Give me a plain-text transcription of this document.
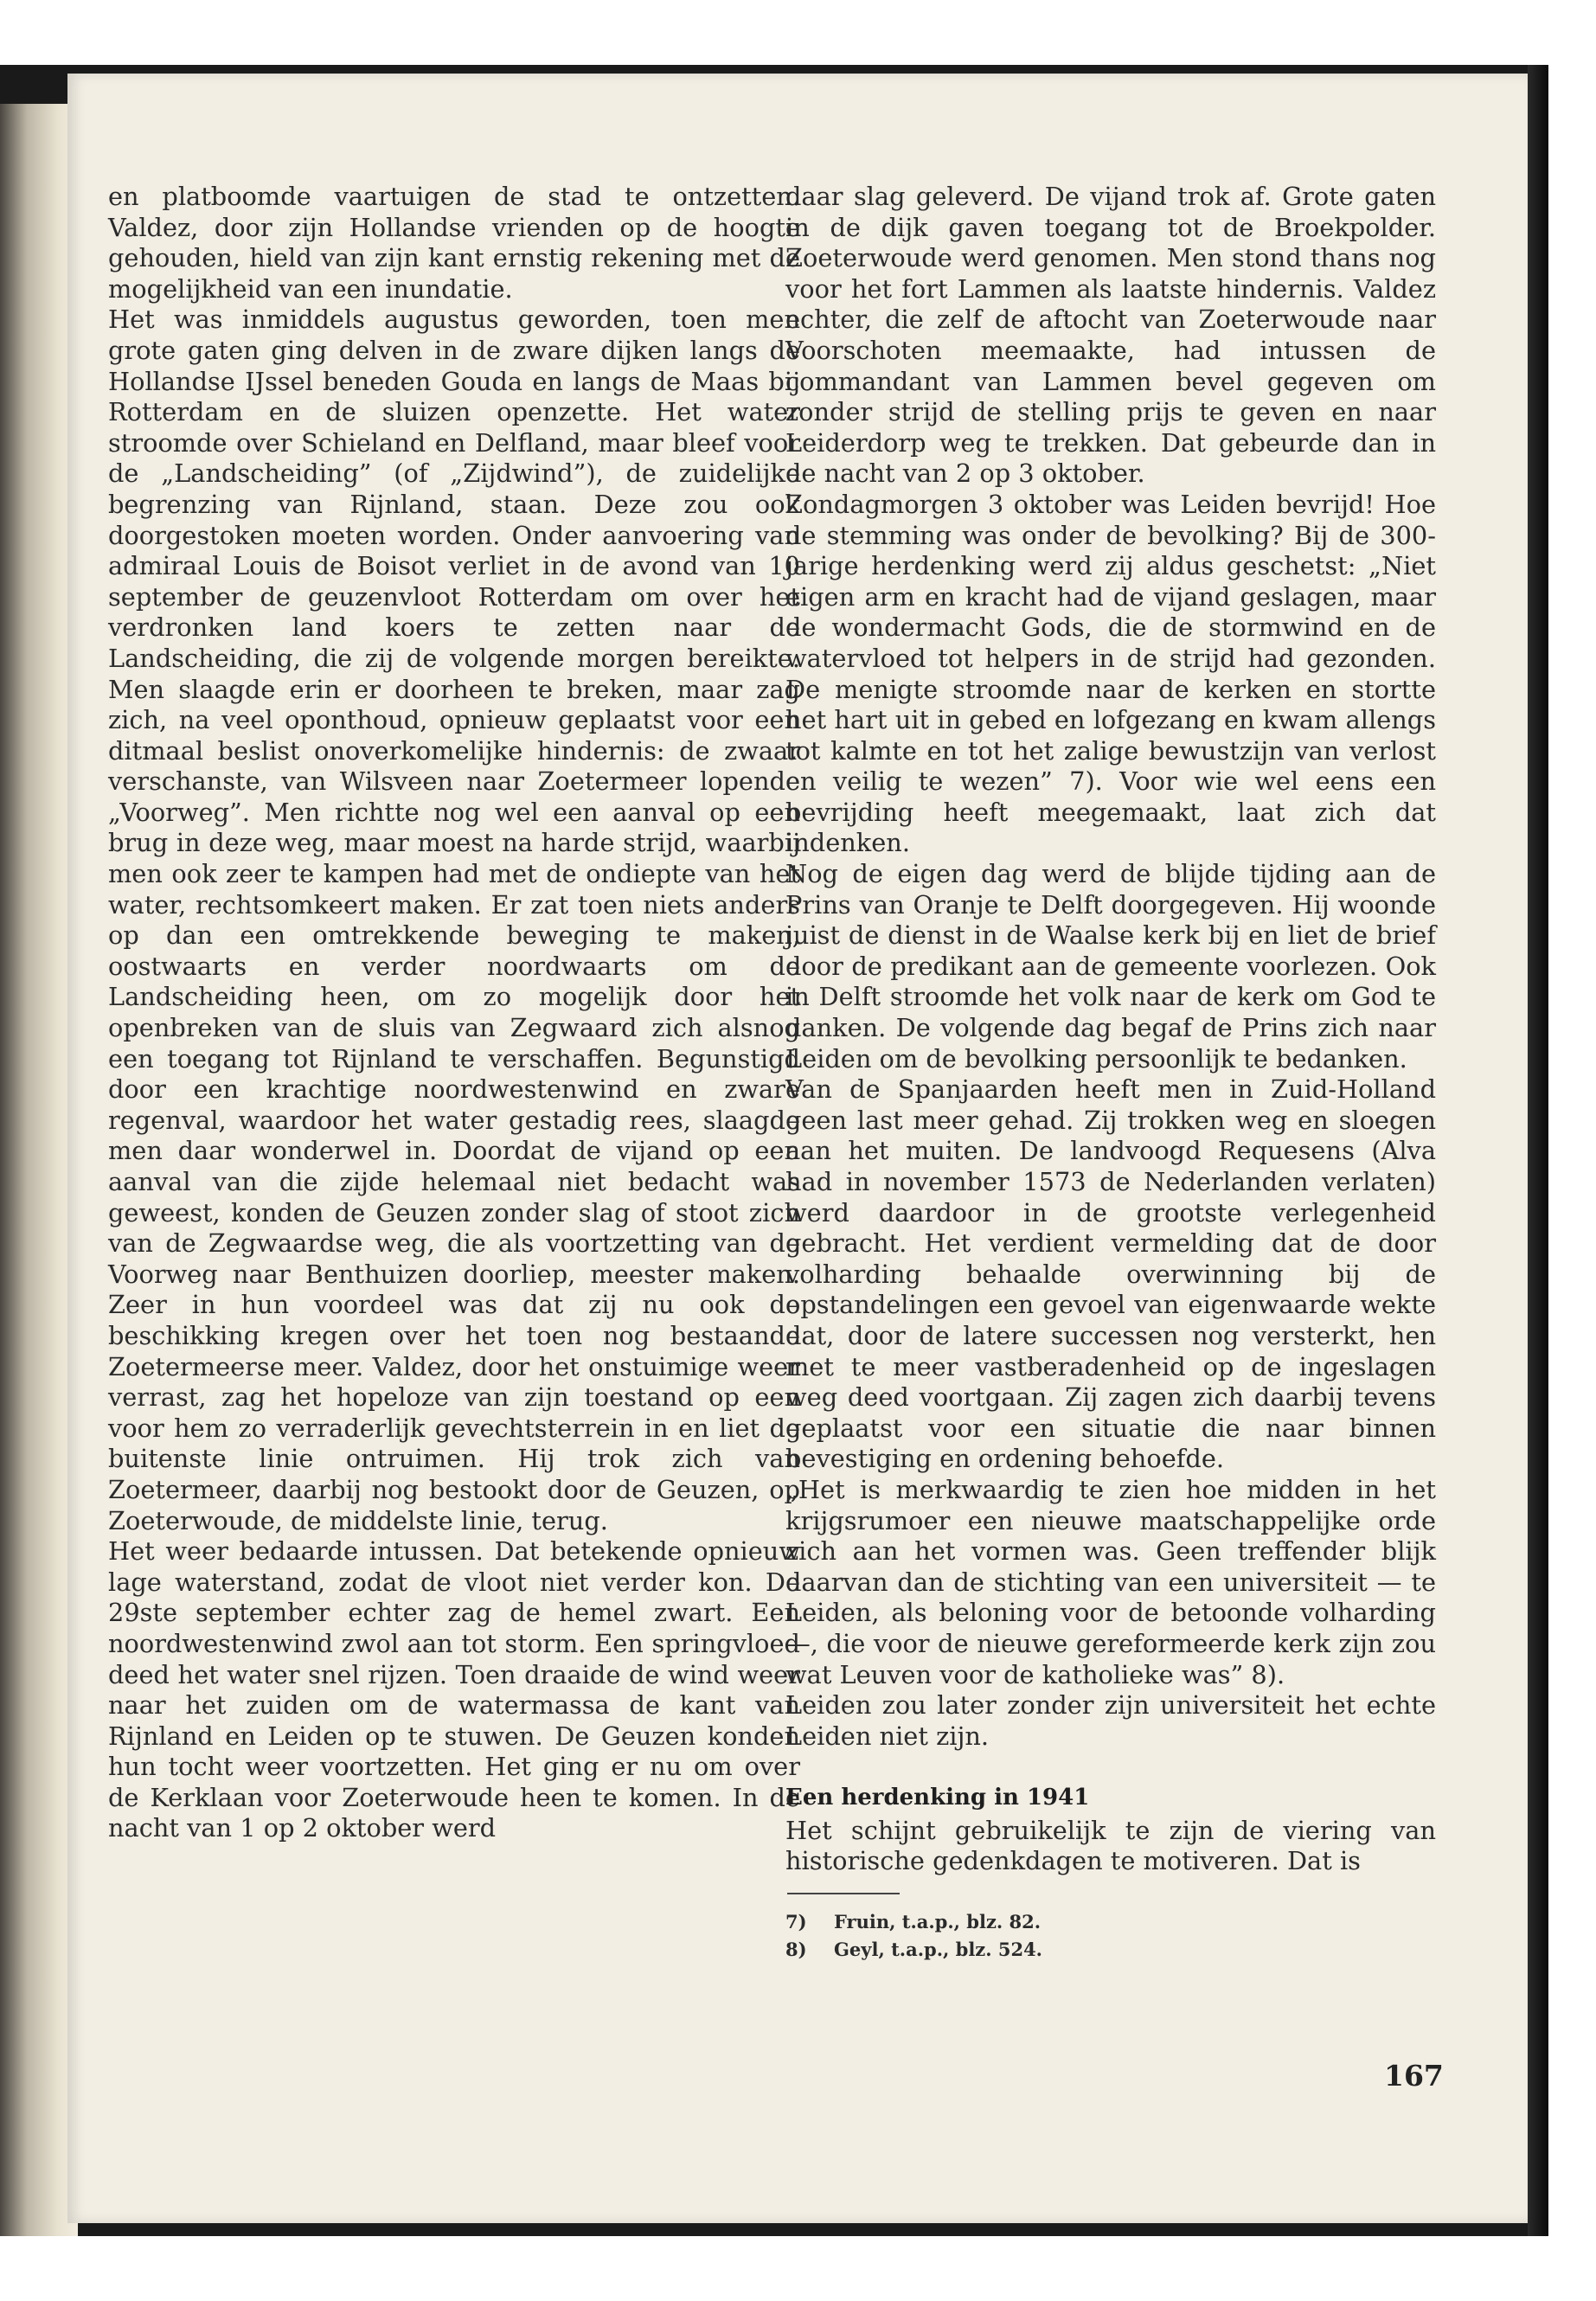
en platboomde vaartuigen de stad te ontzetten. Valdez, door zijn Hollandse vrienden op de hoogte gehouden, hield van zijn kant ernstig rekening met de mogelijkheid van een inundatie.

Het was inmiddels augustus geworden, toen men grote gaten ging delven in de zware dijken langs de Hollandse IJssel beneden Gouda en langs de Maas bij Rotterdam en de sluizen openzette. Het water stroomde over Schieland en Delfland, maar bleef voor de „Landscheiding” (of „Zijdwind”), de zuidelijke begrenzing van Rijnland, staan. Deze zou ook doorgestoken moeten worden. Onder aanvoering van admiraal Louis de Boisot verliet in de avond van 10 september de geuzenvloot Rotterdam om over het verdronken land koers te zetten naar de Landscheiding, die zij de volgende morgen bereikte. Men slaagde erin er doorheen te breken, maar zag zich, na veel oponthoud, opnieuw geplaatst voor een ditmaal beslist onoverkomelijke hindernis: de zwaar verschanste, van Wilsveen naar Zoetermeer lopende „Voorweg”. Men richtte nog wel een aanval op een brug in deze weg, maar moest na harde strijd, waarbij men ook zeer te kampen had met de ondiepte van het water, rechtsomkeert maken. Er zat toen niets anders op dan een omtrekkende beweging te maken, oostwaarts en verder noordwaarts om de Landscheiding heen, om zo mogelijk door het openbreken van de sluis van Zegwaard zich alsnog een toegang tot Rijnland te verschaffen. Begunstigd door een krachtige noordwestenwind en zware regenval, waardoor het water gestadig rees, slaagde men daar wonderwel in. Doordat de vijand op een aanval van die zijde helemaal niet bedacht was geweest, konden de Geuzen zonder slag of stoot zich van de Zegwaardse weg, die als voortzetting van de Voorweg naar Benthuizen doorliep, meester maken. Zeer in hun voordeel was dat zij nu ook de beschikking kregen over het toen nog bestaande Zoetermeerse meer. Valdez, door het onstuimige weer verrast, zag het hopeloze van zijn toestand op een voor hem zo verraderlijk gevechtsterrein in en liet de buitenste linie ontruimen. Hij trok zich van Zoetermeer, daarbij nog bestookt door de Geuzen, op Zoeterwoude, de middelste linie, terug.

Het weer bedaarde intussen. Dat betekende opnieuw lage waterstand, zodat de vloot niet verder kon. De 29ste september echter zag de hemel zwart. Een noordwestenwind zwol aan tot storm. Een springvloed deed het water snel rijzen. Toen draaide de wind weer naar het zuiden om de watermassa de kant van Rijnland en Leiden op te stuwen. De Geuzen konden hun tocht weer voortzetten. Het ging er nu om over de Kerklaan voor Zoeterwoude heen te komen. In de nacht van 1 op 2 oktober werd

daar slag geleverd. De vijand trok af. Grote gaten in de dijk gaven toegang tot de Broekpolder. Zoeterwoude werd genomen. Men stond thans nog voor het fort Lammen als laatste hindernis. Valdez echter, die zelf de aftocht van Zoeterwoude naar Voorschoten meemaakte, had intussen de commandant van Lammen bevel gegeven om zonder strijd de stelling prijs te geven en naar Leiderdorp weg te trekken. Dat gebeurde dan in de nacht van 2 op 3 oktober.

Zondagmorgen 3 oktober was Leiden bevrijd! Hoe de stemming was onder de bevolking? Bij de 300-jarige herdenking werd zij aldus geschetst: „Niet eigen arm en kracht had de vijand geslagen, maar de wondermacht Gods, die de stormwind en de watervloed tot helpers in de strijd had gezonden. De menigte stroomde naar de kerken en stortte het hart uit in gebed en lofgezang en kwam allengs tot kalmte en tot het zalige bewustzijn van verlost en veilig te wezen” 7). Voor wie wel eens een bevrijding heeft meegemaakt, laat zich dat indenken.

Nog de eigen dag werd de blijde tijding aan de Prins van Oranje te Delft doorgegeven. Hij woonde juist de dienst in de Waalse kerk bij en liet de brief door de predikant aan de gemeente voorlezen. Ook in Delft stroomde het volk naar de kerk om God te danken. De volgende dag begaf de Prins zich naar Leiden om de bevolking persoonlijk te bedanken.

Van de Spanjaarden heeft men in Zuid-Holland geen last meer gehad. Zij trokken weg en sloegen aan het muiten. De landvoogd Requesens (Alva had in november 1573 de Nederlanden verlaten) werd daardoor in de grootste verlegenheid gebracht. Het verdient vermelding dat de door volharding behaalde overwinning bij de opstandelingen een gevoel van eigenwaarde wekte dat, door de latere successen nog versterkt, hen met te meer vastberadenheid op de ingeslagen weg deed voortgaan. Zij zagen zich daarbij tevens geplaatst voor een situatie die naar binnen bevestiging en ordening behoefde.

„Het is merkwaardig te zien hoe midden in het krijgsrumoer een nieuwe maatschappelijke orde zich aan het vormen was. Geen treffender blijk daarvan dan de stichting van een universiteit — te Leiden, als beloning voor de betoonde volharding —, die voor de nieuwe gereformeerde kerk zijn zou wat Leuven voor de katholieke was” 8).

Leiden zou later zonder zijn universiteit het echte Leiden niet zijn.

Een herdenking in 1941

Het schijnt gebruikelijk te zijn de viering van historische gedenkdagen te motiveren. Dat is

7) Fruin, t.a.p., blz. 82.
8) Geyl, t.a.p., blz. 524.
167
